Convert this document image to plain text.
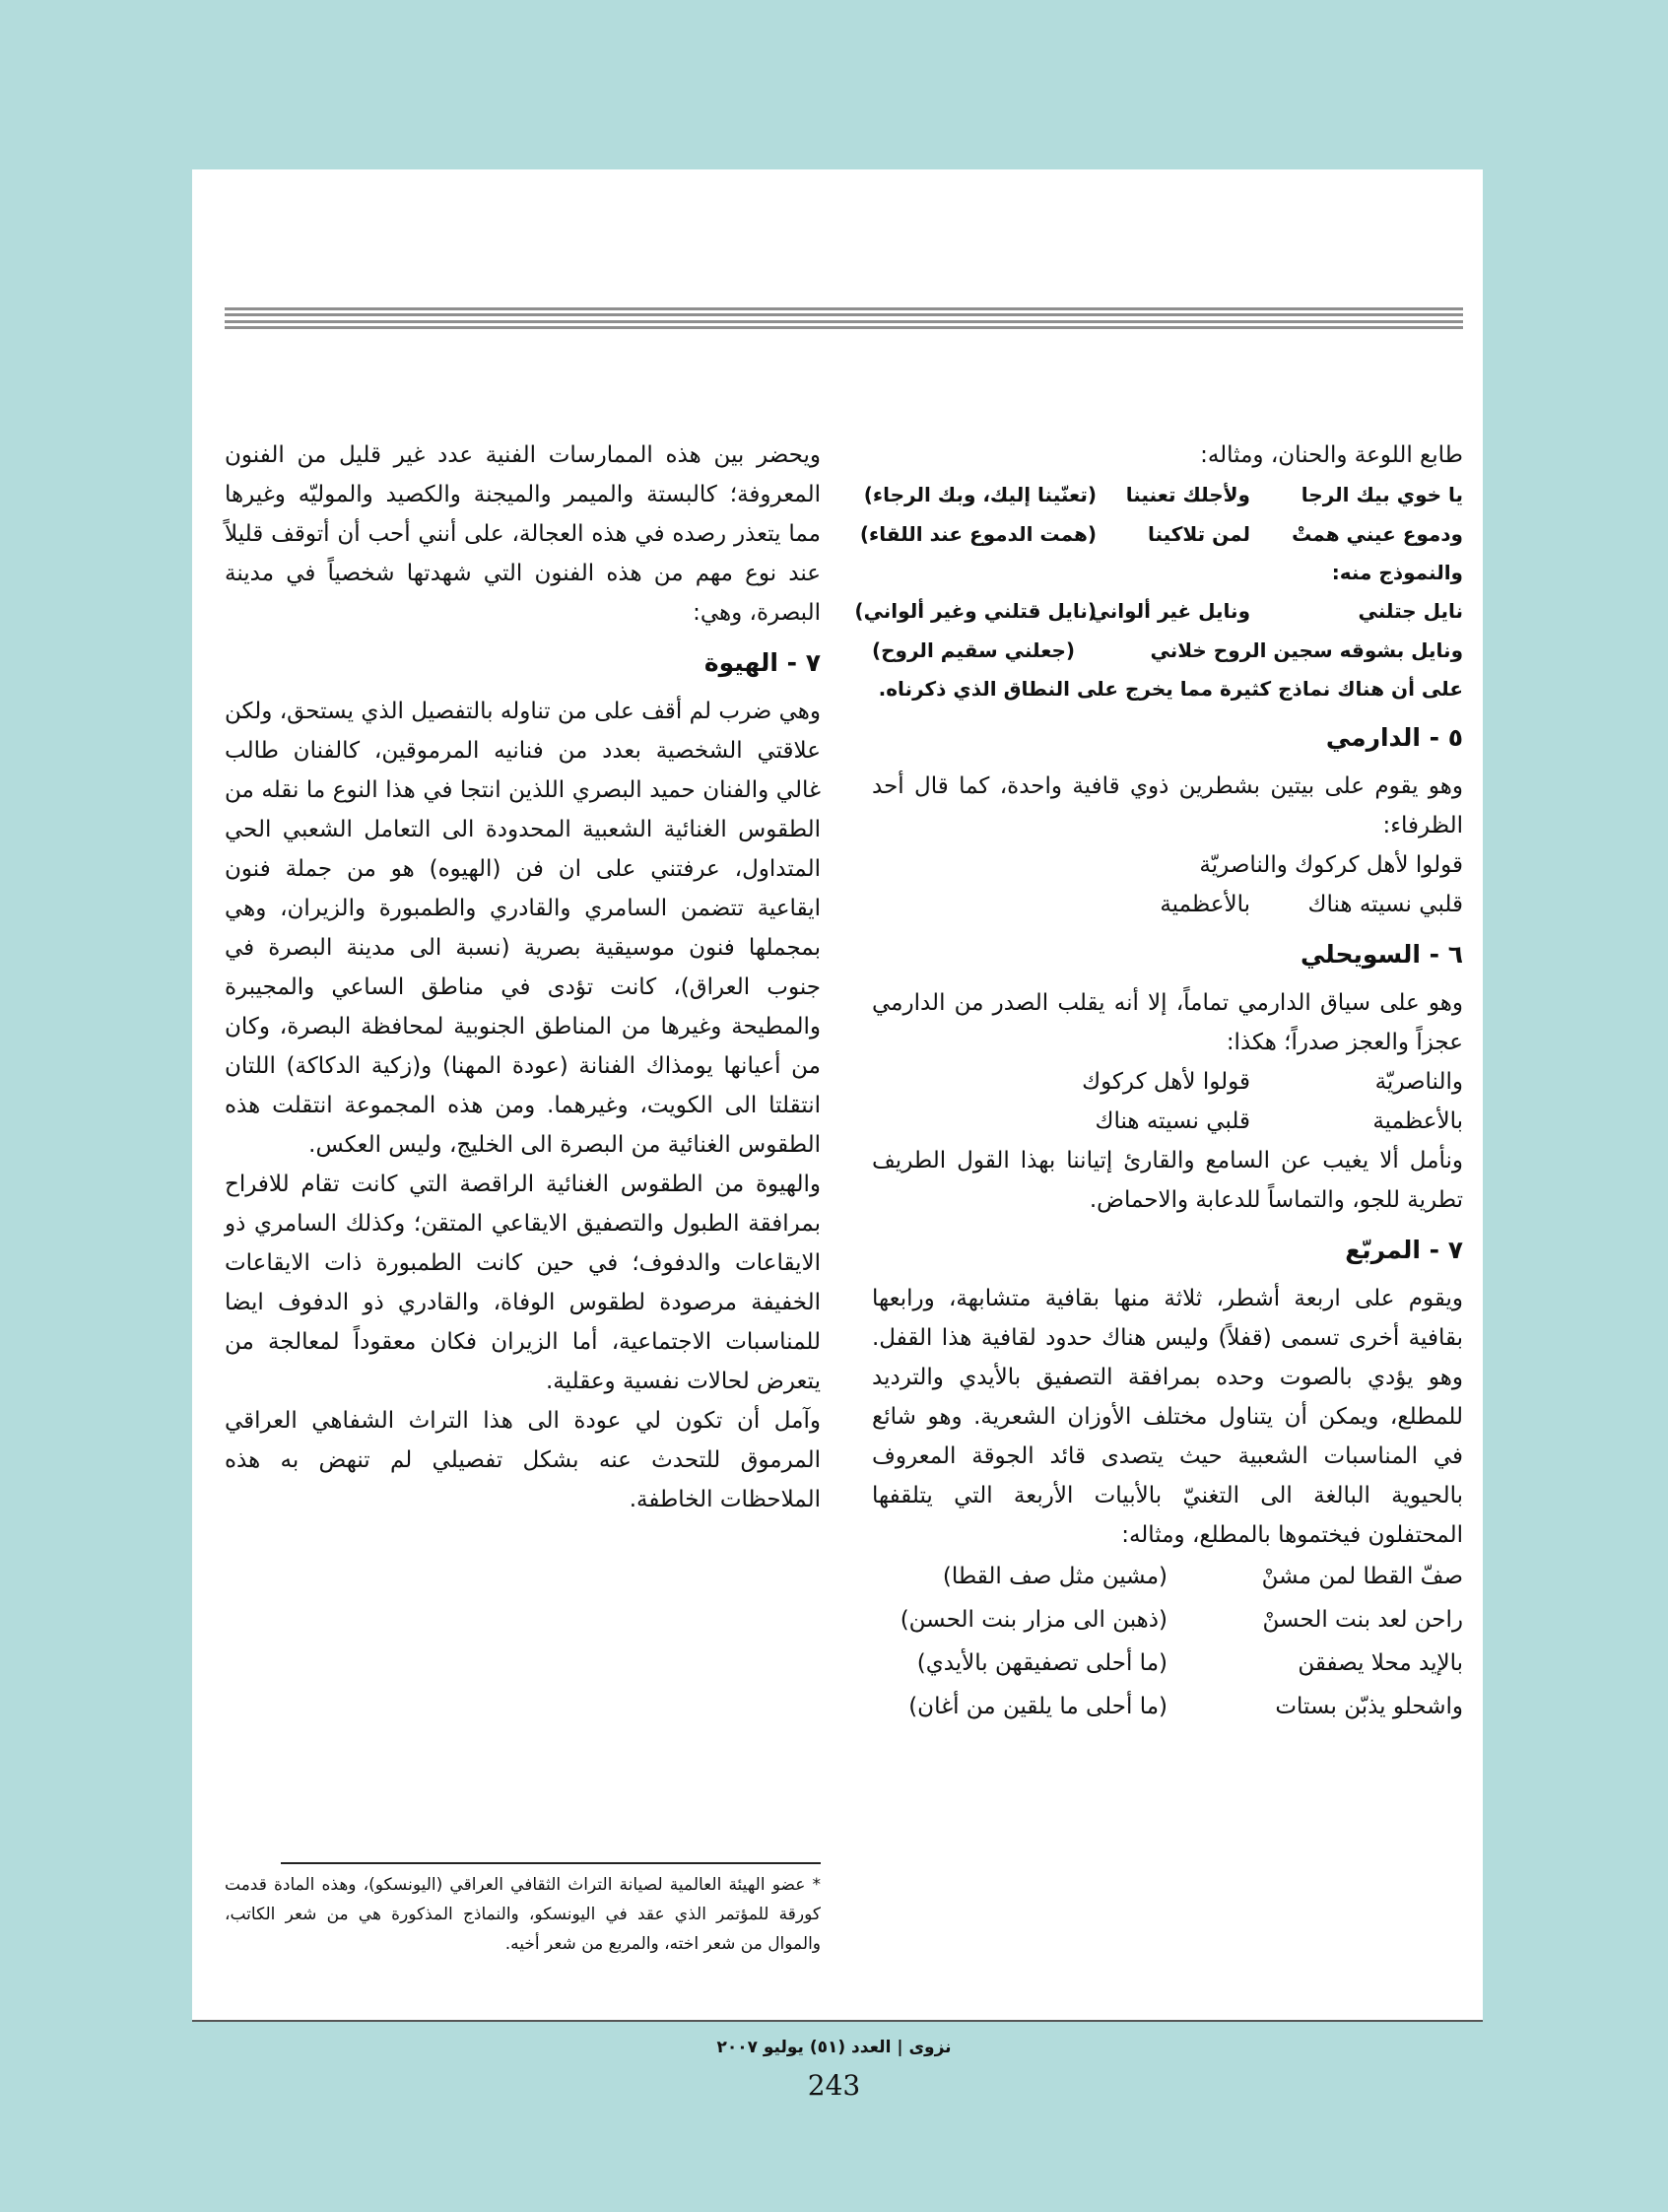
طابع اللوعة والحنان، ومثاله:

يا خوي بيك الرجا
ولأجلك تعنينا
(تعنّينا إليك، وبك الرجاء)
ودموع عيني همتْ
لمن تلاكينا
(همت الدموع عند اللقاء)

والنموذج منه:

نايل جتلني
ونايل غير ألواني
(نايل قتلني وغير ألواني)
ونايل بشوقه سجين الروح خلاني
(جعلني سقيم الروح)

على أن هناك نماذج كثيرة مما يخرج على النطاق الذي ذكرناه.

٥ - الدارمي

وهو يقوم على بيتين بشطرين ذوي قافية واحدة، كما قال أحد الظرفاء:

قولوا لأهل كركوك والناصريّة
قلبي نسيته هناك
بالأعظمية
٦ - السويحلي

وهو على سياق الدارمي تماماً، إلا أنه يقلب الصدر من الدارمي عجزاً والعجز صدراً؛ هكذا:

والناصريّة
قولوا لأهل كركوك
بالأعظمية
قلبي نسيته هناك

ونأمل ألا يغيب عن السامع والقارئ إتياننا بهذا القول الطريف تطرية للجو، والتماساً للدعابة والاحماض.

٧ - المربّع

ويقوم على اربعة أشطر، ثلاثة منها بقافية متشابهة، ورابعها بقافية أخرى تسمى (قفلاً) وليس هناك حدود لقافية هذا القفل. وهو يؤدي بالصوت وحده بمرافقة التصفيق بالأيدي والترديد للمطلع، ويمكن أن يتناول مختلف الأوزان الشعرية. وهو شائع في المناسبات الشعبية حيث يتصدى قائد الجوقة المعروف بالحيوية البالغة الى التغنيّ بالأبيات الأربعة التي يتلقفها المحتفلون فيختموها بالمطلع، ومثاله:

صفّ القطا لمن مشنْ
(مشين مثل صف القطا)
راحن لعد بنت الحسنْ
(ذهبن الى مزار بنت الحسن)
بالإيد محلا يصفقن
(ما أحلى تصفيقهن بالأيدي)
واشحلو يذبّن بستات
(ما أحلى ما يلقين من أغان)

ويحضر بين هذه الممارسات الفنية عدد غير قليل من الفنون المعروفة؛ كالبستة والميمر والميجنة والكصيد والموليّه وغيرها مما يتعذر رصده في هذه العجالة، على أنني أحب أن أتوقف قليلاً عند نوع مهم من هذه الفنون التي شهدتها شخصياً في مدينة البصرة، وهي:

٧ - الهيوة

وهي ضرب لم أقف على من تناوله بالتفصيل الذي يستحق، ولكن علاقتي الشخصية بعدد من فنانيه المرموقين، كالفنان طالب غالي والفنان حميد البصري اللذين انتجا في هذا النوع ما نقله من الطقوس الغنائية الشعبية المحدودة الى التعامل الشعبي الحي المتداول، عرفتني على ان فن (الهيوه) هو من جملة فنون ايقاعية تتضمن السامري والقادري والطمبورة والزيران، وهي بمجملها فنون موسيقية بصرية (نسبة الى مدينة البصرة في جنوب العراق)، كانت تؤدى في مناطق الساعي والمجيبرة والمطيحة وغيرها من المناطق الجنوبية لمحافظة البصرة، وكان من أعيانها يومذاك الفنانة (عودة المهنا) و(زكية الدكاكة) اللتان انتقلتا الى الكويت، وغيرهما. ومن هذه المجموعة انتقلت هذه الطقوس الغنائية من البصرة الى الخليج، وليس العكس.

والهيوة من الطقوس الغنائية الراقصة التي كانت تقام للافراح بمرافقة الطبول والتصفيق الايقاعي المتقن؛ وكذلك السامري ذو الايقاعات والدفوف؛ في حين كانت الطمبورة ذات الايقاعات الخفيفة مرصودة لطقوس الوفاة، والقادري ذو الدفوف ايضا للمناسبات الاجتماعية، أما الزيران فكان معقوداً لمعالجة من يتعرض لحالات نفسية وعقلية.

وآمل أن تكون لي عودة الى هذا التراث الشفاهي العراقي المرموق للتحدث عنه بشكل تفصيلي لم تنهض به هذه الملاحظات الخاطفة.

* عضو الهيئة العالمية لصيانة التراث الثقافي العراقي (اليونسكو)، وهذه المادة قدمت كورقة للمؤتمر الذي عقد في اليونسكو، والنماذج المذكورة هي من شعر الكاتب، والموال من شعر اخته، والمربع من شعر أخيه.
نزوى | العدد (٥١) يوليو ٢٠٠٧
243
